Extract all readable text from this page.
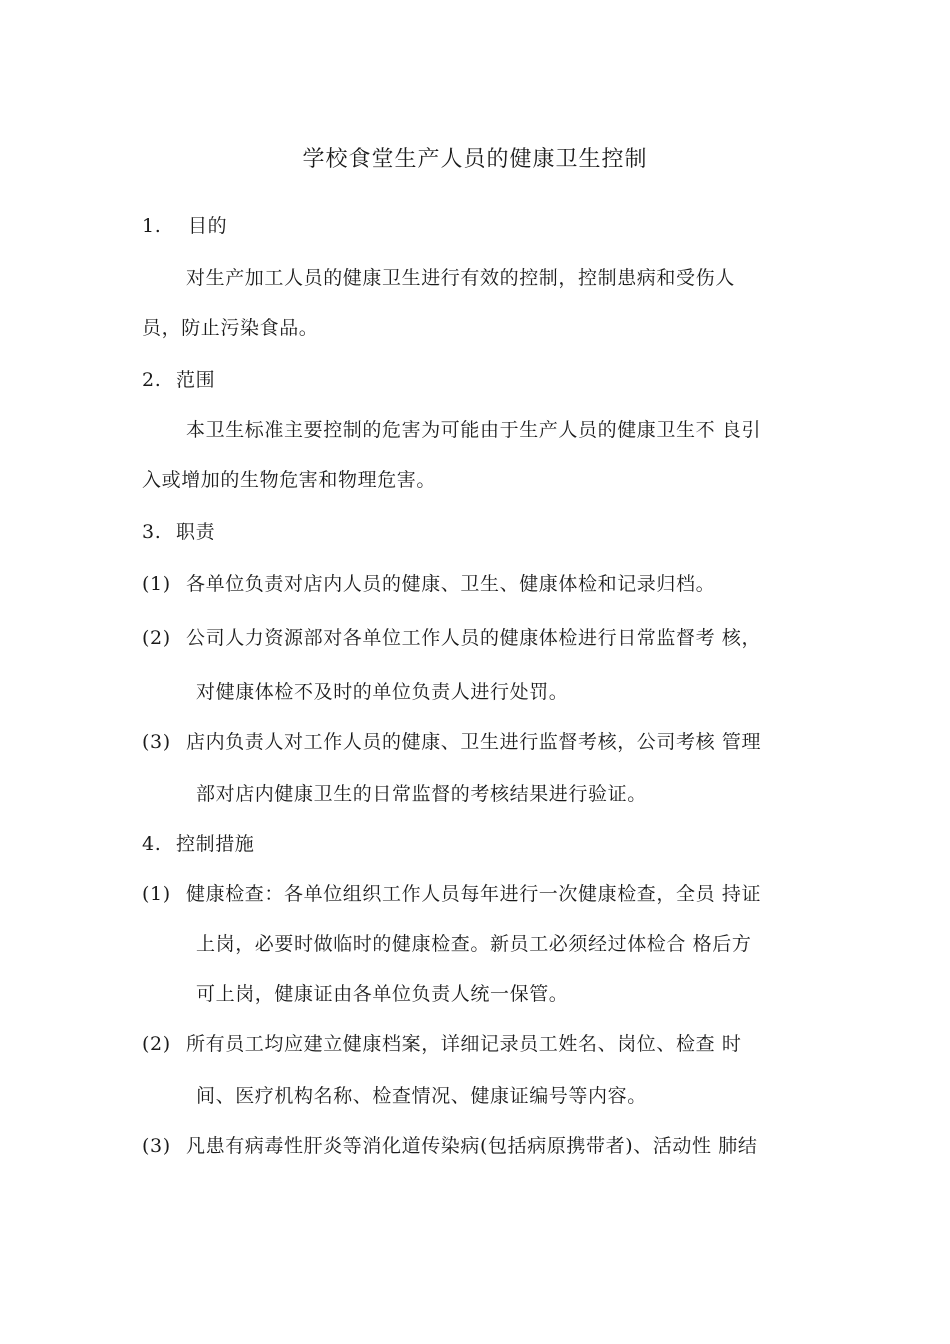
学校食堂生产人员的健康卫生控制
1. 目的
对生产加工人员的健康卫生进行有效的控制，控制患病和受伤人
员，防止污染食品。
2. 范围
本卫生标准主要控制的危害为可能由于生产人员的健康卫生不 良引
入或增加的生物危害和物理危害。
3. 职责
(1) 各单位负责对店内人员的健康、卫生、健康体检和记录归档。
(2) 公司人力资源部对各单位工作人员的健康体检进行日常监督考 核，
对健康体检不及时的单位负责人进行处罚。
(3) 店内负责人对工作人员的健康、卫生进行监督考核，公司考核 管理
部对店内健康卫生的日常监督的考核结果进行验证。
4. 控制措施
(1) 健康检查：各单位组织工作人员每年进行一次健康检查，全员 持证
上岗，必要时做临时的健康检查。新员工必须经过体检合 格后方
可上岗，健康证由各单位负责人统一保管。
(2) 所有员工均应建立健康档案，详细记录员工姓名、岗位、检查 时
间、医疗机构名称、检查情况、健康证编号等内容。
(3) 凡患有病毒性肝炎等消化道传染病(包括病原携带者)、活动性 肺结
